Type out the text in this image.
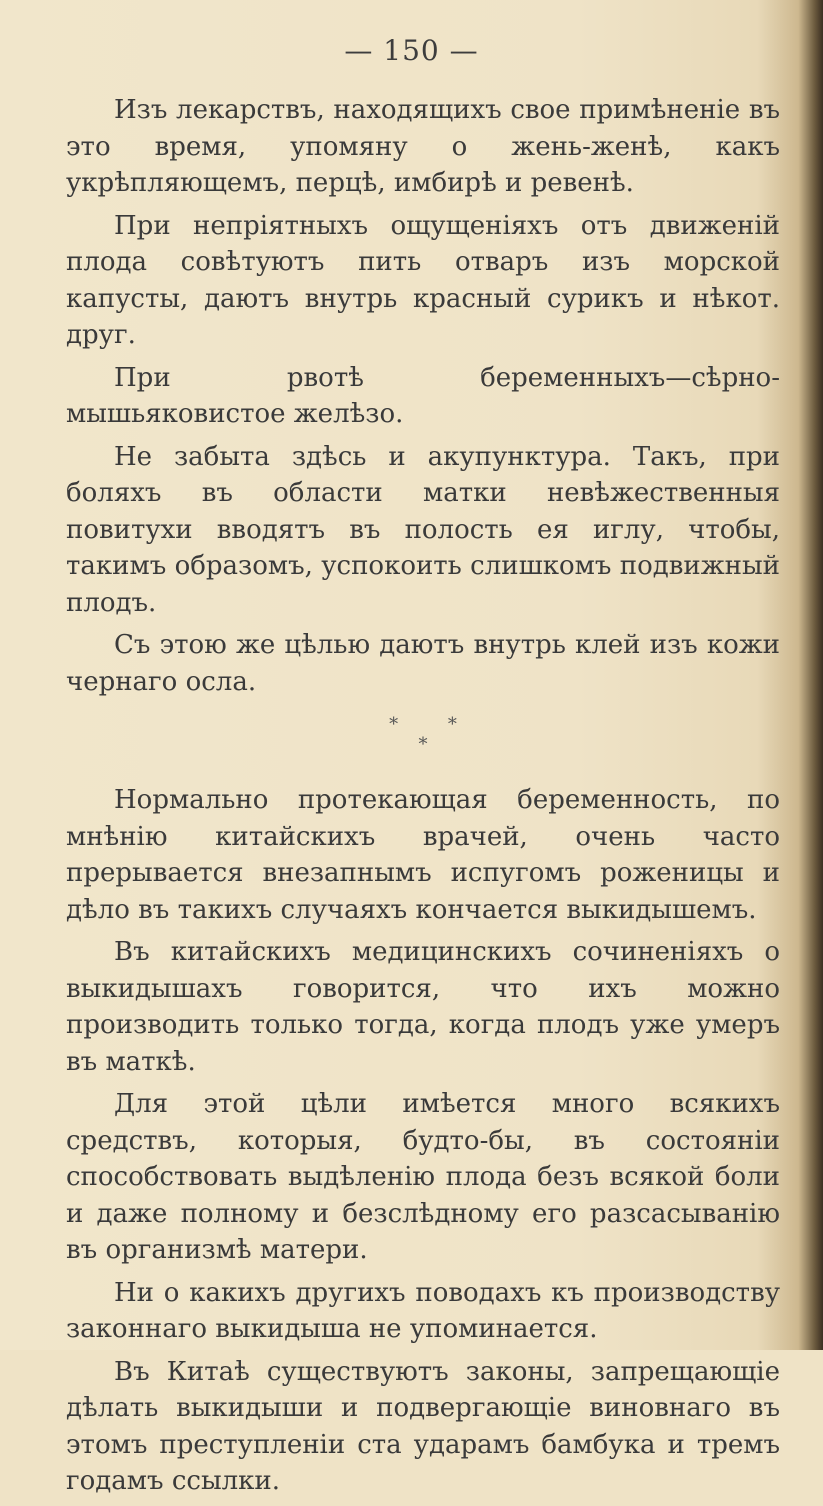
— 150 —

Изъ лекарствъ, находящихъ свое примѣненіе въ это время, упомяну о жень-женѣ, какъ укрѣпляющемъ, перцѣ, имбирѣ и ревенѣ.

При непріятныхъ ощущеніяхъ отъ движеній плода совѣтуютъ пить отваръ изъ морской капусты, даютъ внутрь красный сурикъ и нѣкот. друг.

При рвотѣ беременныхъ—сѣрно-мышьяковистое желѣзо.

Не забыта здѣсь и акупунктура. Такъ, при боляхъ въ области матки невѣжественныя повитухи вводятъ въ полость ея иглу, чтобы, такимъ образомъ, успокоить слишкомъ подвижный плодъ.

Съ этою же цѣлью даютъ внутрь клей изъ кожи чернаго осла.

* *
*

Нормально протекающая беременность, по мнѣнію китайскихъ врачей, очень часто прерывается внезапнымъ испугомъ роженицы и дѣло въ такихъ случаяхъ кончается выкидышемъ.

Въ китайскихъ медицинскихъ сочиненіяхъ о выкидышахъ говорится, что ихъ можно производить только тогда, когда плодъ уже умеръ въ маткѣ.

Для этой цѣли имѣется много всякихъ средствъ, которыя, будто-бы, въ состояніи способствовать выдѣленію плода безъ всякой боли и даже полному и безслѣдному его разсасыванію въ организмѣ матери.

Ни о какихъ другихъ поводахъ къ производству законнаго выкидыша не упоминается.

Въ Китаѣ существуютъ законы, запрещающіе дѣлать выкидыши и подвергающіе виновнаго въ этомъ преступленіи ста ударамъ бамбука и тремъ годамъ ссылки.
